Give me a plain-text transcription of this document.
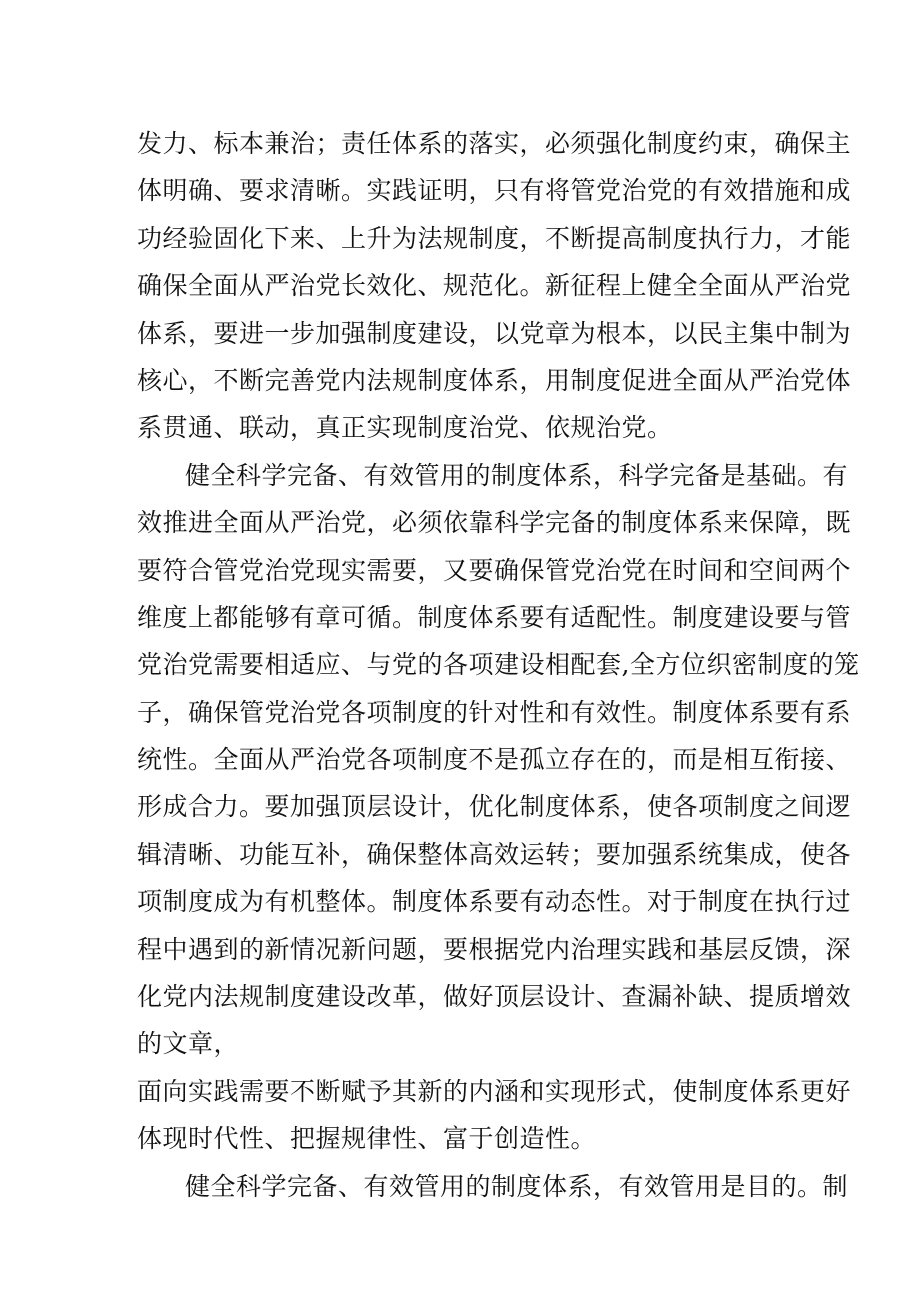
发力、标本兼治；责任体系的落实，必须强化制度约束，确保主
体明确、要求清晰。实践证明，只有将管党治党的有效措施和成
功经验固化下来、上升为法规制度，不断提高制度执行力，才能
确保全面从严治党长效化、规范化。新征程上健全全面从严治党
体系，要进一步加强制度建设，以党章为根本，以民主集中制为
核心，不断完善党内法规制度体系，用制度促进全面从严治党体
系贯通、联动，真正实现制度治党、依规治党。
健全科学完备、有效管用的制度体系，科学完备是基础。有
效推进全面从严治党，必须依靠科学完备的制度体系来保障，既
要符合管党治党现实需要，又要确保管党治党在时间和空间两个
维度上都能够有章可循。制度体系要有适配性。制度建设要与管
党治党需要相适应、与党的各项建设相配套,全方位织密制度的笼
子，确保管党治党各项制度的针对性和有效性。制度体系要有系
统性。全面从严治党各项制度不是孤立存在的，而是相互衔接、
形成合力。要加强顶层设计，优化制度体系，使各项制度之间逻
辑清晰、功能互补，确保整体高效运转；要加强系统集成，使各
项制度成为有机整体。制度体系要有动态性。对于制度在执行过
程中遇到的新情况新问题，要根据党内治理实践和基层反馈，深
化党内法规制度建设改革，做好顶层设计、查漏补缺、提质增效
的文章，
面向实践需要不断赋予其新的内涵和实现形式，使制度体系更好
体现时代性、把握规律性、富于创造性。
健全科学完备、有效管用的制度体系，有效管用是目的。制
